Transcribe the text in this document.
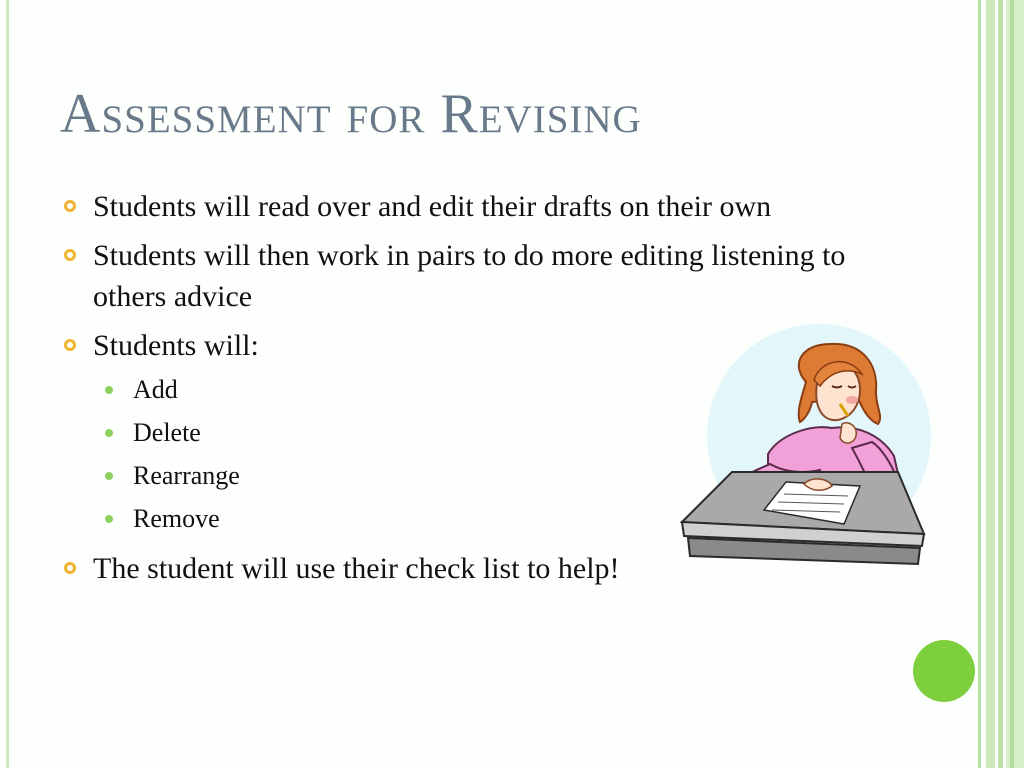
Assessment for Revising
Students will read over and edit their drafts on their own
Students will then work in pairs to do more editing listening to others advice
Students will:
Add
Delete
Rearrange
Remove
The student will use their check list to help!
